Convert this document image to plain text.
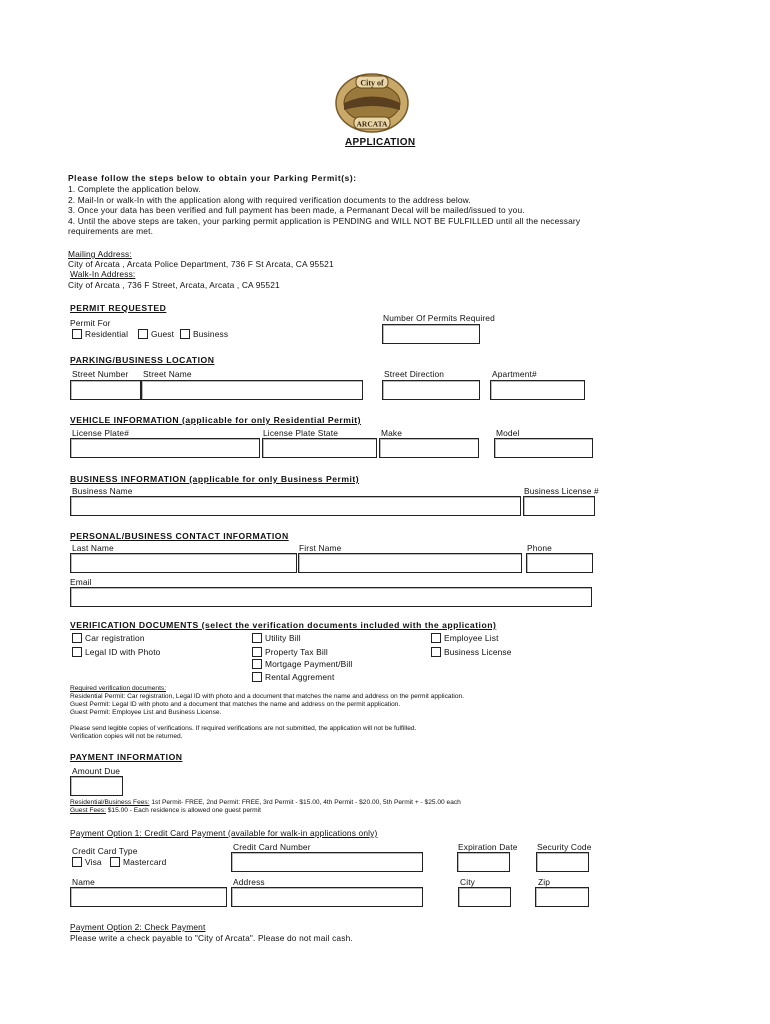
City of
ARCATA
APPLICATION
Please follow the steps below to obtain your Parking Permit(s):
1. Complete the application below.
2. Mail-In or walk-In with the application along with required verification documents to the address below.
3. Once your data has been verified and full payment has been made, a Permanant Decal will be mailed/issued to you.
4. Until the above steps are taken, your parking permit application is PENDING and WILL NOT BE FULFILLED until all the necessary
requirements are met.
Mailing Address:
City of Arcata , Arcata Police Department, 736 F St Arcata, CA 95521
Walk-In Address:
City of Arcata , 736 F Street, Arcata, Arcata , CA 95521
PERMIT REQUESTED
Permit For
Residential	Guest Business
Number Of Permits Required
PARKING/BUSINESS LOCATION
Street Number Street Name	Street Direction	Apartment#
VEHICLE INFORMATION (applicable for only Residential Permit)
License Plate#	License Plate State	Make	Model
BUSINESS INFORMATION (applicable for only Business Permit)
Business Name	Business License #
PERSONAL/BUSINESS CONTACT INFORMATION
Last Name	First Name	Phone
Email
VERIFICATION DOCUMENTS (select the verification documents included with the application)
Car registration
Legal ID with Photo
Utility Bill
Property Tax Bill
Mortgage Payment/Bill
Rental Aggrement
Employee List
Business License
Required verification documents:
Residential Permit: Car registration, Legal ID with photo and a document that matches the name and address on the permit application.
Guest Permit: Legal ID with photo and a document that matches the name and address on the permit application.
Guest Permit: Employee List and Business License.
Please send legible copies of verifications. If required verifications are not submitted, the application will not be fulfilled.
Verification copies will not be returned.
PAYMENT INFORMATION
Amount Due
Residential/Business Fees: 1st Permit- FREE, 2nd Permit: FREE, 3rd Permit - $15.00, 4th Permit - $20.00, 5th Permit + - $25.00 each
Guest Fees: $15.00 - Each residence is allowed one guest permit
Payment Option 1: Credit Card Payment (available for walk-in applications only)
Credit Card Type
Visa	Mastercard
Credit Card Number	Expiration Date Security Code
Name	Address	City	Zip
Payment Option 2: Check Payment
Please write a check payable to "City of Arcata". Please do not mail cash.
